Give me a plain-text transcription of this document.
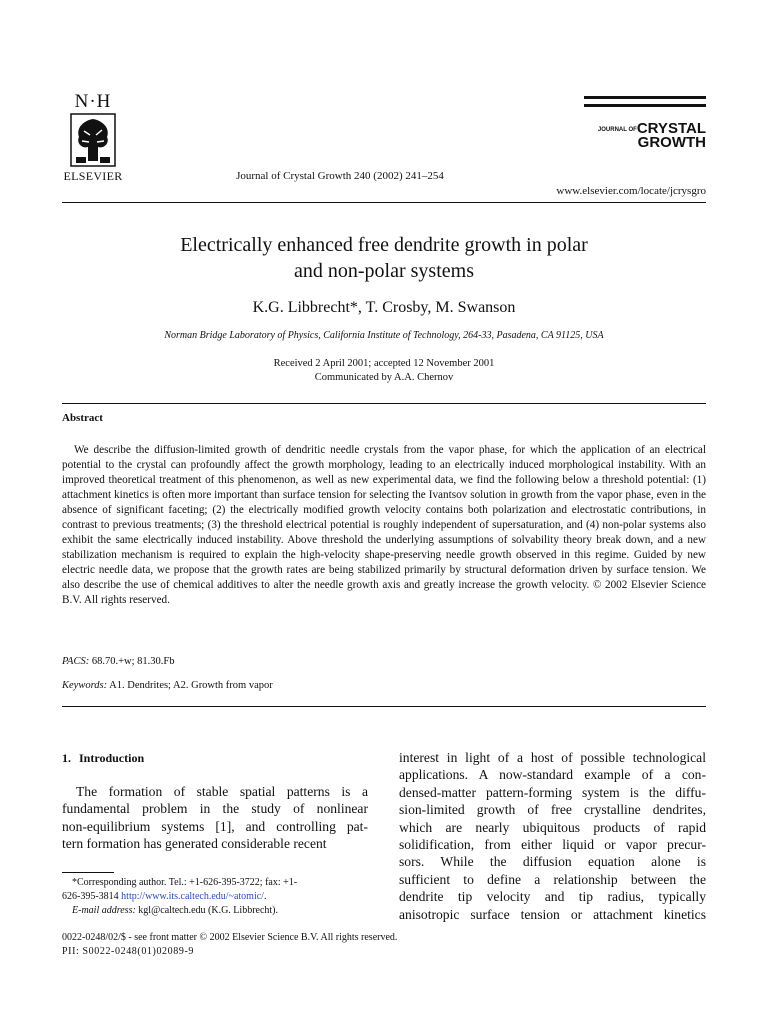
N·H
ELSEVIER	Journal of Crystal Growth 240 (2002) 241–254
JOURNAL OFCRYSTAL
GROWTH
www.elsevier.com/locate/jcrysgro
Electrically enhanced free dendrite growth in polar
and non-polar systems
K.G. Libbrecht*, T. Crosby, M. Swanson
Norman Bridge Laboratory of Physics, California Institute of Technology, 264-33, Pasadena, CA 91125, USA
Received 2 April 2001; accepted 12 November 2001
Communicated by A.A. Chernov
Abstract
We describe the diffusion-limited growth of dendritic needle crystals from the vapor phase, for which the application of an electrical potential to the crystal can profoundly affect the growth morphology, leading to an electrically induced morphological instability. With an improved theoretical treatment of this phenomenon, as well as new experimental data, we find the following below a threshold potential: (1) attachment kinetics is often more important than surface tension for selecting the Ivantsov solution in growth from the vapor phase, even in the absence of significant faceting; (2) the electrically modified growth velocity contains both polarization and electrostatic contributions, in contrast to previous treatments; (3) the threshold electrical potential is roughly independent of supersaturation, and (4) non-polar systems also exhibit the same electrically induced instability. Above threshold the underlying assumptions of solvability theory break down, and a new stabilization mechanism is required to explain the high-velocity shape-preserving needle growth observed in this regime. Guided by new electric needle data, we propose that the growth rates are being stabilized primarily by structural deformation driven by surface tension. We also describe the use of chemical additives to alter the needle growth axis and greatly increase the growth velocity. © 2002 Elsevier Science B.V. All rights reserved.
PACS: 68.70.+w; 81.30.Fb
Keywords: A1. Dendrites; A2. Growth from vapor
1. Introduction
The formation of stable spatial patterns is a
fundamental problem in the study of nonlinear
non-equilibrium systems [1], and controlling pat-
tern formation has generated considerable recent
interest in light of a host of possible technological
applications. A now-standard example of a con-
densed-matter pattern-forming system is the diffu-
sion-limited growth of free crystalline dendrites,
which are nearly ubiquitous products of rapid
solidification, from either liquid or vapor precur-
sors. While the diffusion equation alone is
sufficient to define a relationship between the
dendrite tip velocity and tip radius, typically
anisotropic surface tension or attachment kinetics
*Corresponding author. Tel.: +1-626-395-3722; fax: +1-
626-395-3814 http://www.its.caltech.edu/~atomic/.
E-mail address: kgl@caltech.edu (K.G. Libbrecht).
0022-0248/02/$ - see front matter © 2002 Elsevier Science B.V. All rights reserved.
PII: S0022-0248(01)02089-9
